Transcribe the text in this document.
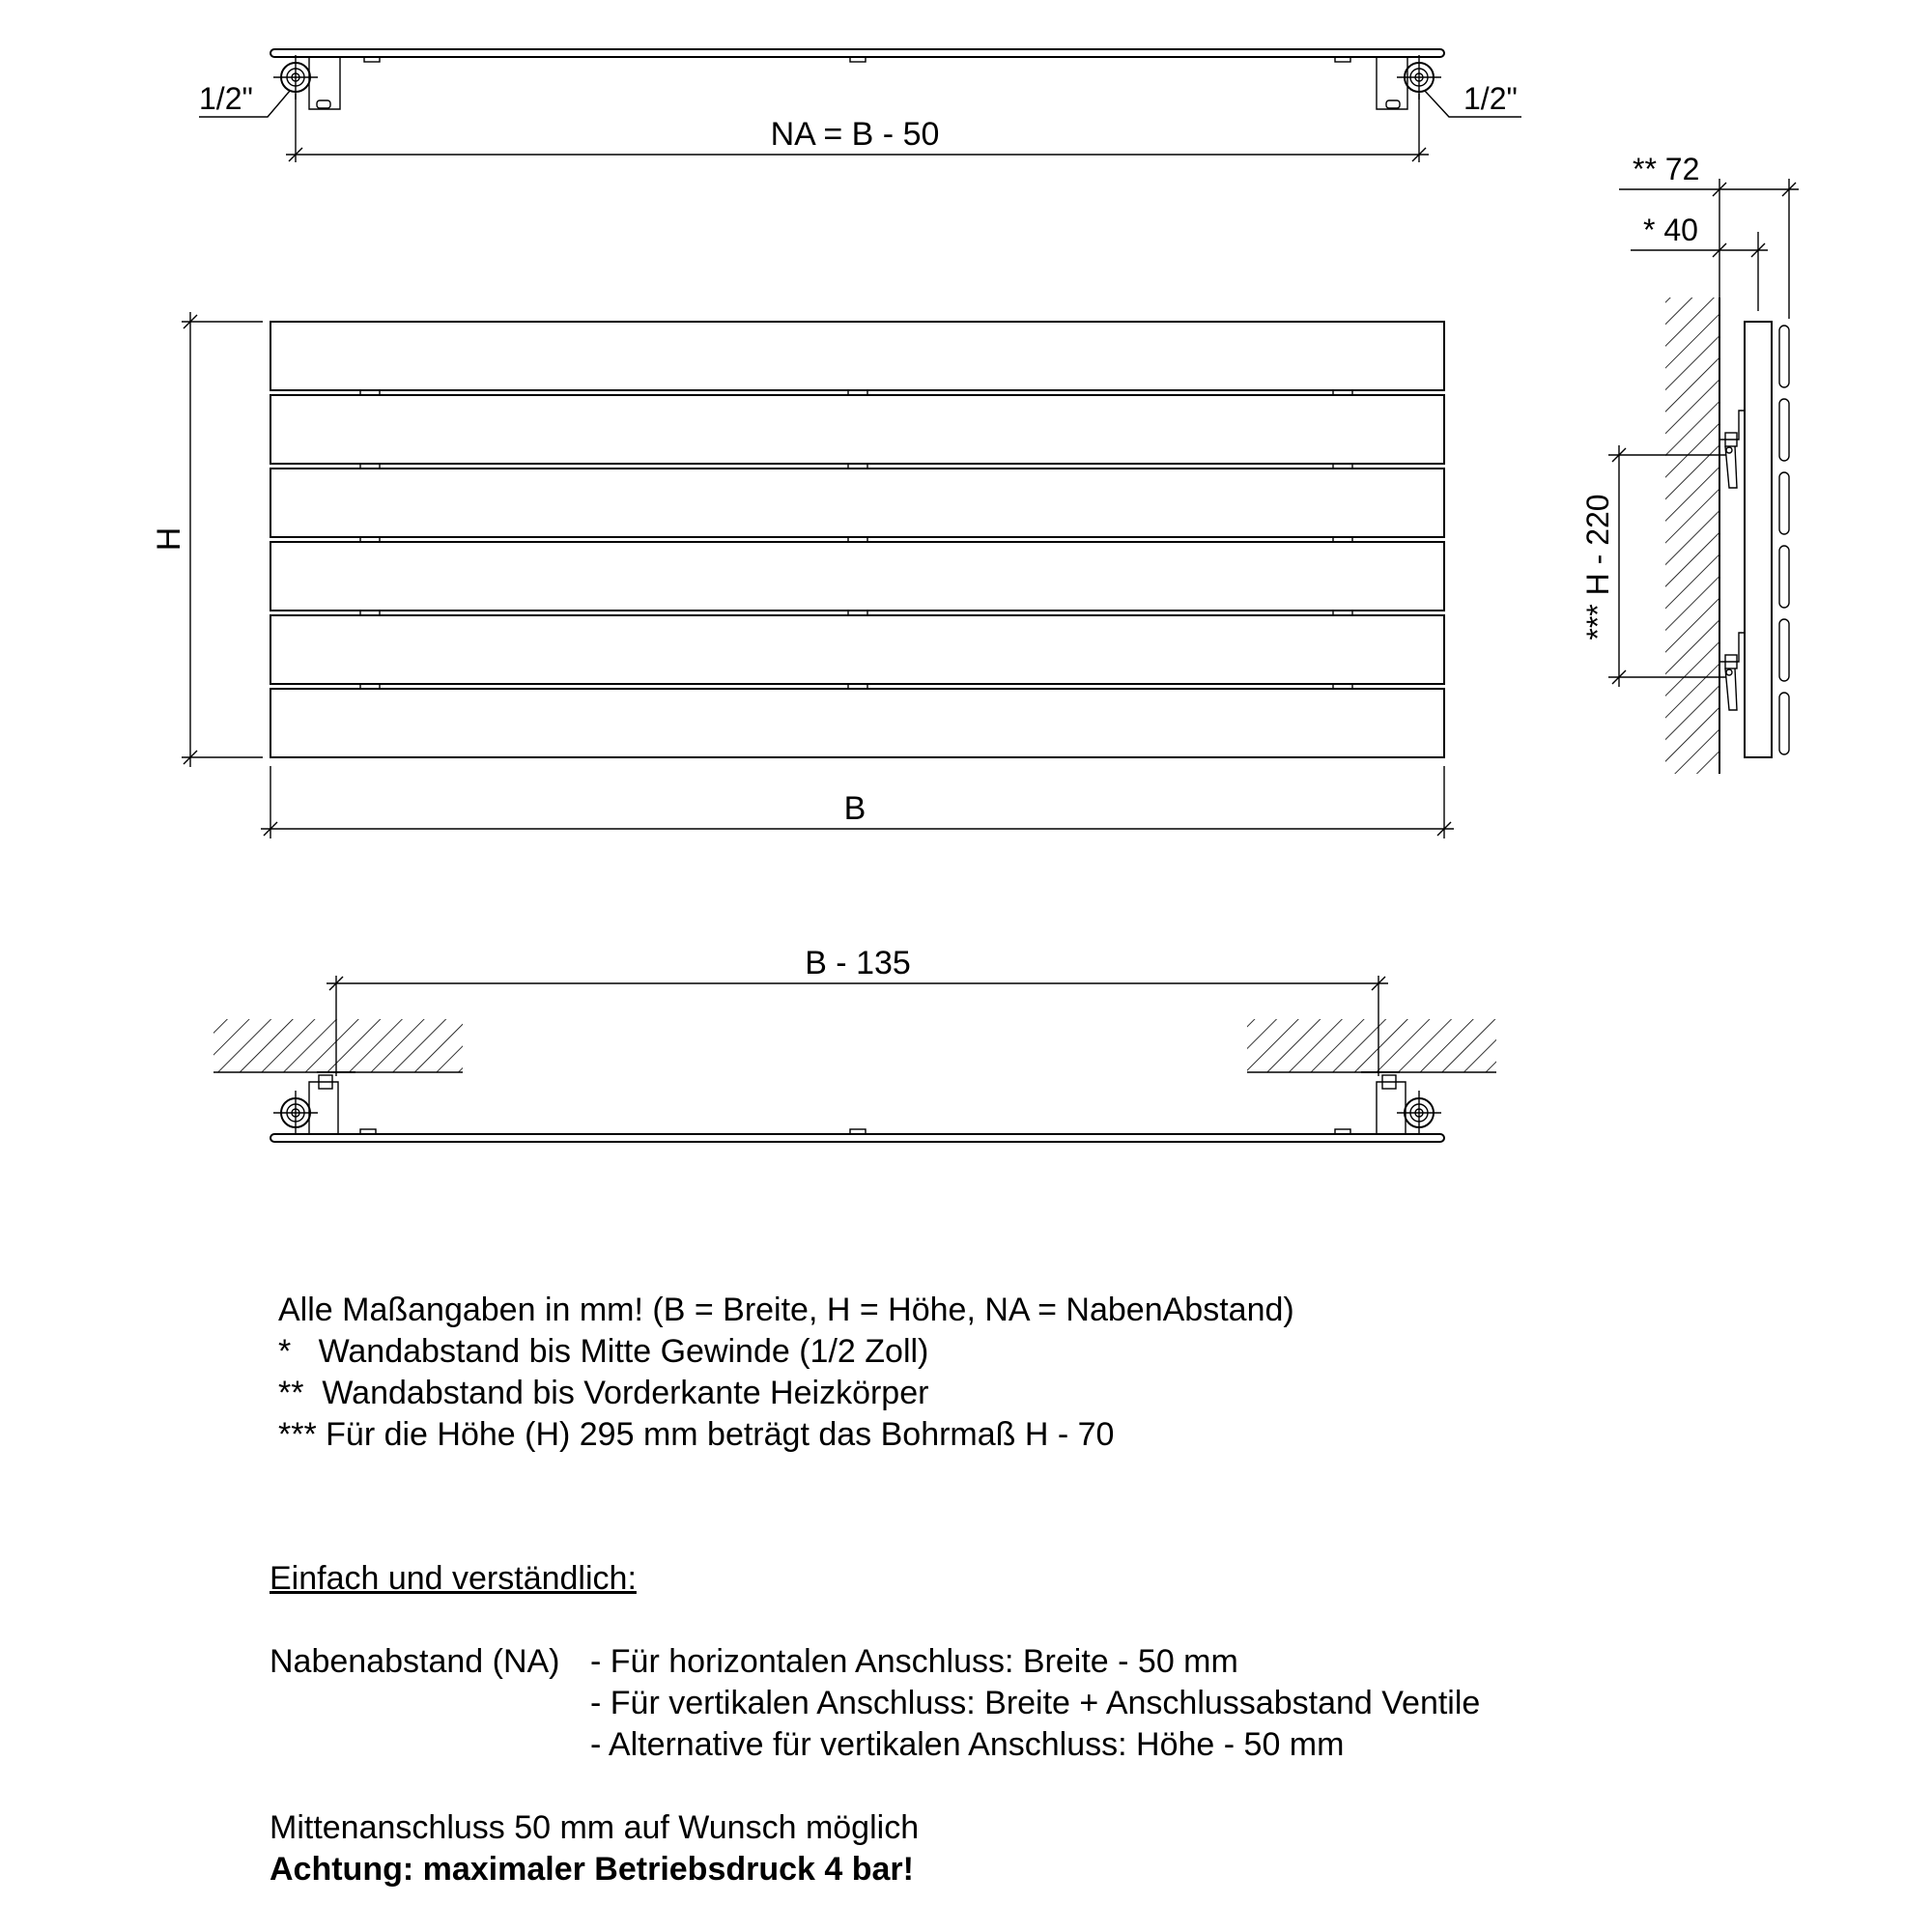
1/2"	1/2"
NA = B - 50
H
B
** 72
* 40
*** H - 220
B - 135
Alle Maßangaben in mm! (B = Breite, H = Höhe, NA = NabenAbstand)
*   Wandabstand bis Mitte Gewinde (1/2 Zoll)
**  Wandabstand bis Vorderkante Heizkörper
*** Für die Höhe (H) 295 mm beträgt das Bohrmaß H - 70
Einfach und verständlich:
Nabenabstand (NA) - Für horizontalen Anschluss: Breite - 50 mm
- Für vertikalen Anschluss: Breite + Anschlussabstand Ventile
- Alternative für vertikalen Anschluss: Höhe - 50 mm
Mittenanschluss 50 mm auf Wunsch möglich
Achtung: maximaler Betriebsdruck 4 bar!
